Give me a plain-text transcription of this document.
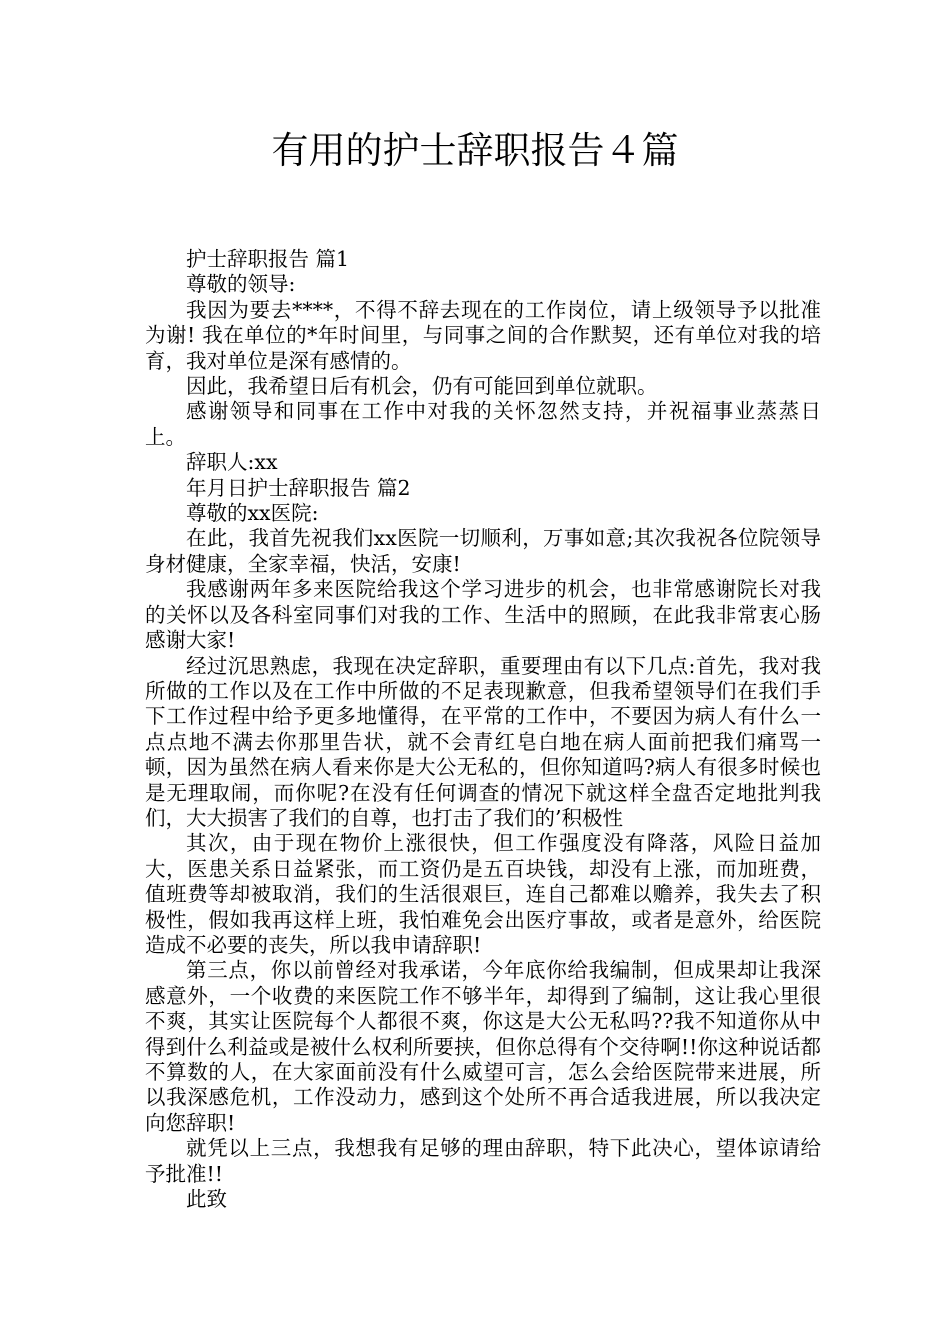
有用的护士辞职报告４篇

护士辞职报告 篇1

尊敬的领导:

我因为要去****，不得不辞去现在的工作岗位，请上级领导予以批准为谢! 我在单位的*年时间里，与同事之间的合作默契，还有单位对我的培育，我对单位是深有感情的。

因此，我希望日后有机会，仍有可能回到单位就职。

感谢领导和同事在工作中对我的关怀忽然支持，并祝福事业蒸蒸日上。

辞职人:xx

年月日护士辞职报告 篇2

尊敬的xx医院:

在此，我首先祝我们xx医院一切顺利，万事如意;其次我祝各位院领导身材健康，全家幸福，快活，安康!

我感谢两年多来医院给我这个学习进步的机会，也非常感谢院长对我的关怀以及各科室同事们对我的工作、生活中的照顾，在此我非常衷心肠感谢大家!

经过沉思熟虑，我现在决定辞职，重要理由有以下几点:首先，我对我所做的工作以及在工作中所做的不足表现歉意，但我希望领导们在我们手下工作过程中给予更多地懂得，在平常的工作中，不要因为病人有什么一点点地不满去你那里告状，就不会青红皂白地在病人面前把我们痛骂一顿，因为虽然在病人看来你是大公无私的，但你知道吗?病人有很多时候也是无理取闹，而你呢?在没有任何调查的情况下就这样全盘否定地批判我们，大大损害了我们的自尊，也打击了我们的’积极性

其次，由于现在物价上涨很快，但工作强度没有降落，风险日益加大，医患关系日益紧张，而工资仍是五百块钱，却没有上涨，而加班费，值班费等却被取消，我们的生活很艰巨，连自己都难以赡养，我失去了积极性，假如我再这样上班，我怕难免会出医疗事故，或者是意外，给医院造成不必要的丧失，所以我申请辞职!

第三点，你以前曾经对我承诺，今年底你给我编制，但成果却让我深感意外，一个收费的来医院工作不够半年，却得到了编制，这让我心里很不爽，其实让医院每个人都很不爽，你这是大公无私吗??我不知道你从中得到什么利益或是被什么权利所要挟，但你总得有个交待啊!!你这种说话都不算数的人，在大家面前没有什么威望可言，怎么会给医院带来进展，所以我深感危机，工作没动力，感到这个处所不再合适我进展，所以我决定向您辞职!

就凭以上三点，我想我有足够的理由辞职，特下此决心，望体谅请给予批准!!

此致
